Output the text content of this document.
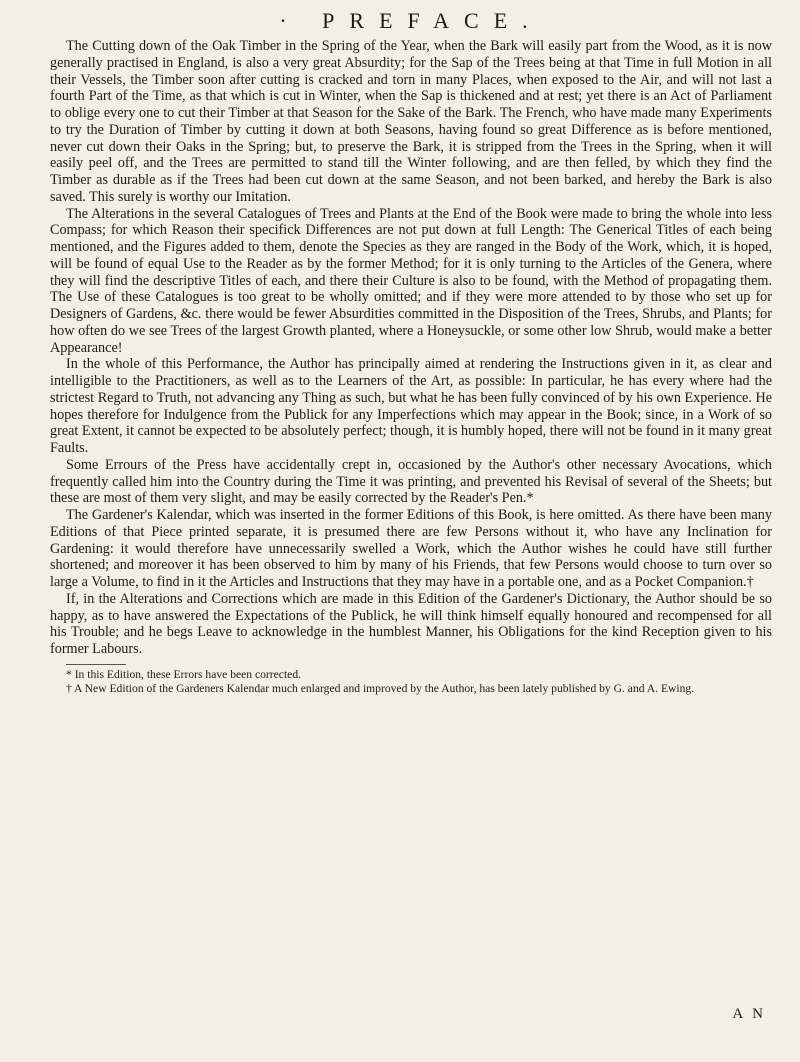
· PREFACE.

The Cutting down of the Oak Timber in the Spring of the Year, when the Bark will easily part from the Wood, as it is now generally practised in England, is also a very great Absurdity; for the Sap of the Trees being at that Time in full Motion in all their Vessels, the Timber soon after cutting is cracked and torn in many Places, when exposed to the Air, and will not last a fourth Part of the Time, as that which is cut in Winter, when the Sap is thickened and at rest; yet there is an Act of Parliament to oblige every one to cut their Timber at that Season for the Sake of the Bark. The French, who have made many Experiments to try the Duration of Timber by cutting it down at both Seasons, having found so great Difference as is before mentioned, never cut down their Oaks in the Spring; but, to preserve the Bark, it is stripped from the Trees in the Spring, when it will easily peel off, and the Trees are permitted to stand till the Winter following, and are then felled, by which they find the Timber as durable as if the Trees had been cut down at the same Season, and not been barked, and hereby the Bark is also saved. This surely is worthy our Imitation.

The Alterations in the several Catalogues of Trees and Plants at the End of the Book were made to bring the whole into less Compass; for which Reason their specifick Differences are not put down at full Length: The Generical Titles of each being mentioned, and the Figures added to them, denote the Species as they are ranged in the Body of the Work, which, it is hoped, will be found of equal Use to the Reader as by the former Method; for it is only turning to the Articles of the Genera, where they will find the descriptive Titles of each, and there their Culture is also to be found, with the Method of propagating them. The Use of these Catalogues is too great to be wholly omitted; and if they were more attended to by those who set up for Designers of Gardens, &c. there would be fewer Absurdities committed in the Disposition of the Trees, Shrubs, and Plants; for how often do we see Trees of the largest Growth planted, where a Honeysuckle, or some other low Shrub, would make a better Appearance!

In the whole of this Performance, the Author has principally aimed at rendering the Instructions given in it, as clear and intelligible to the Practitioners, as well as to the Learners of the Art, as possible: In particular, he has every where had the strictest Regard to Truth, not advancing any Thing as such, but what he has been fully convinced of by his own Experience. He hopes therefore for Indulgence from the Publick for any Imperfections which may appear in the Book; since, in a Work of so great Extent, it cannot be expected to be absolutely perfect; though, it is humbly hoped, there will not be found in it many great Faults.

Some Errours of the Press have accidentally crept in, occasioned by the Author's other necessary Avocations, which frequently called him into the Country during the Time it was printing, and prevented his Revisal of several of the Sheets; but these are most of them very slight, and may be easily corrected by the Reader's Pen.*

The Gardener's Kalendar, which was inserted in the former Editions of this Book, is here omitted. As there have been many Editions of that Piece printed separate, it is presumed there are few Persons without it, who have any Inclination for Gardening: it would therefore have unnecessarily swelled a Work, which the Author wishes he could have still further shortened; and moreover it has been observed to him by many of his Friends, that few Persons would choose to turn over so large a Volume, to find in it the Articles and Instructions that they may have in a portable one, and as a Pocket Companion.†

If, in the Alterations and Corrections which are made in this Edition of the Gardener's Dictionary, the Author should be so happy, as to have answered the Expectations of the Publick, he will think himself equally honoured and recompensed for all his Trouble; and he begs Leave to acknowledge in the humblest Manner, his Obligations for the kind Reception given to his former Labours.

* In this Edition, these Errors have been corrected.

† A New Edition of the Gardeners Kalendar much enlarged and improved by the Author, has been lately published by G. and A. Ewing.

A N
